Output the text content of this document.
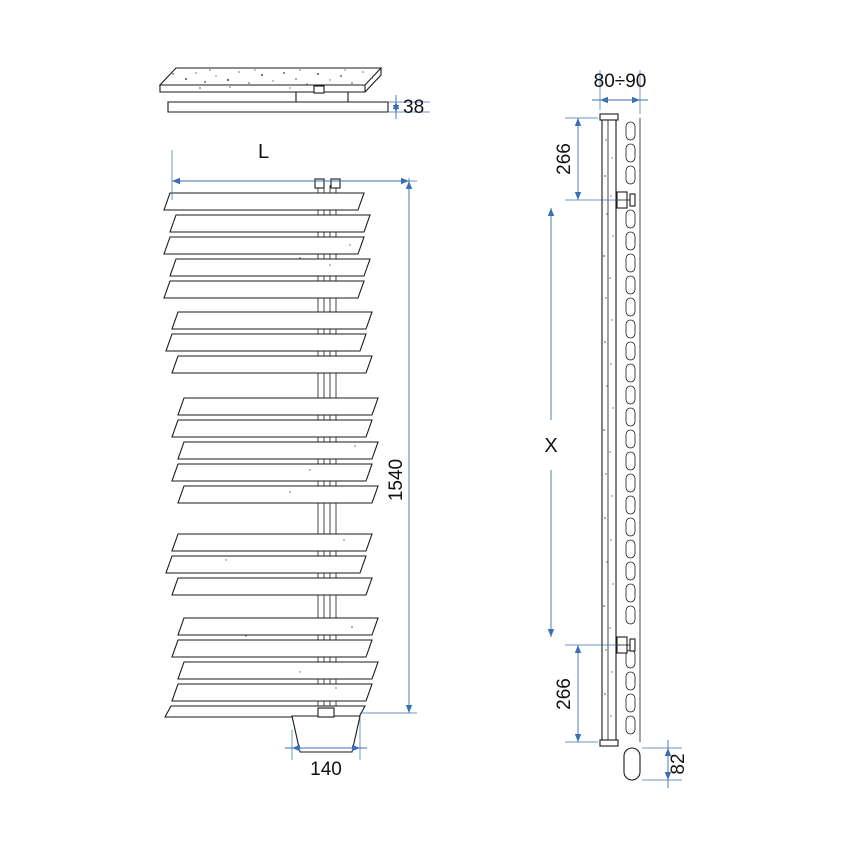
38
L
1540
140
80÷90
266
X
266
82
